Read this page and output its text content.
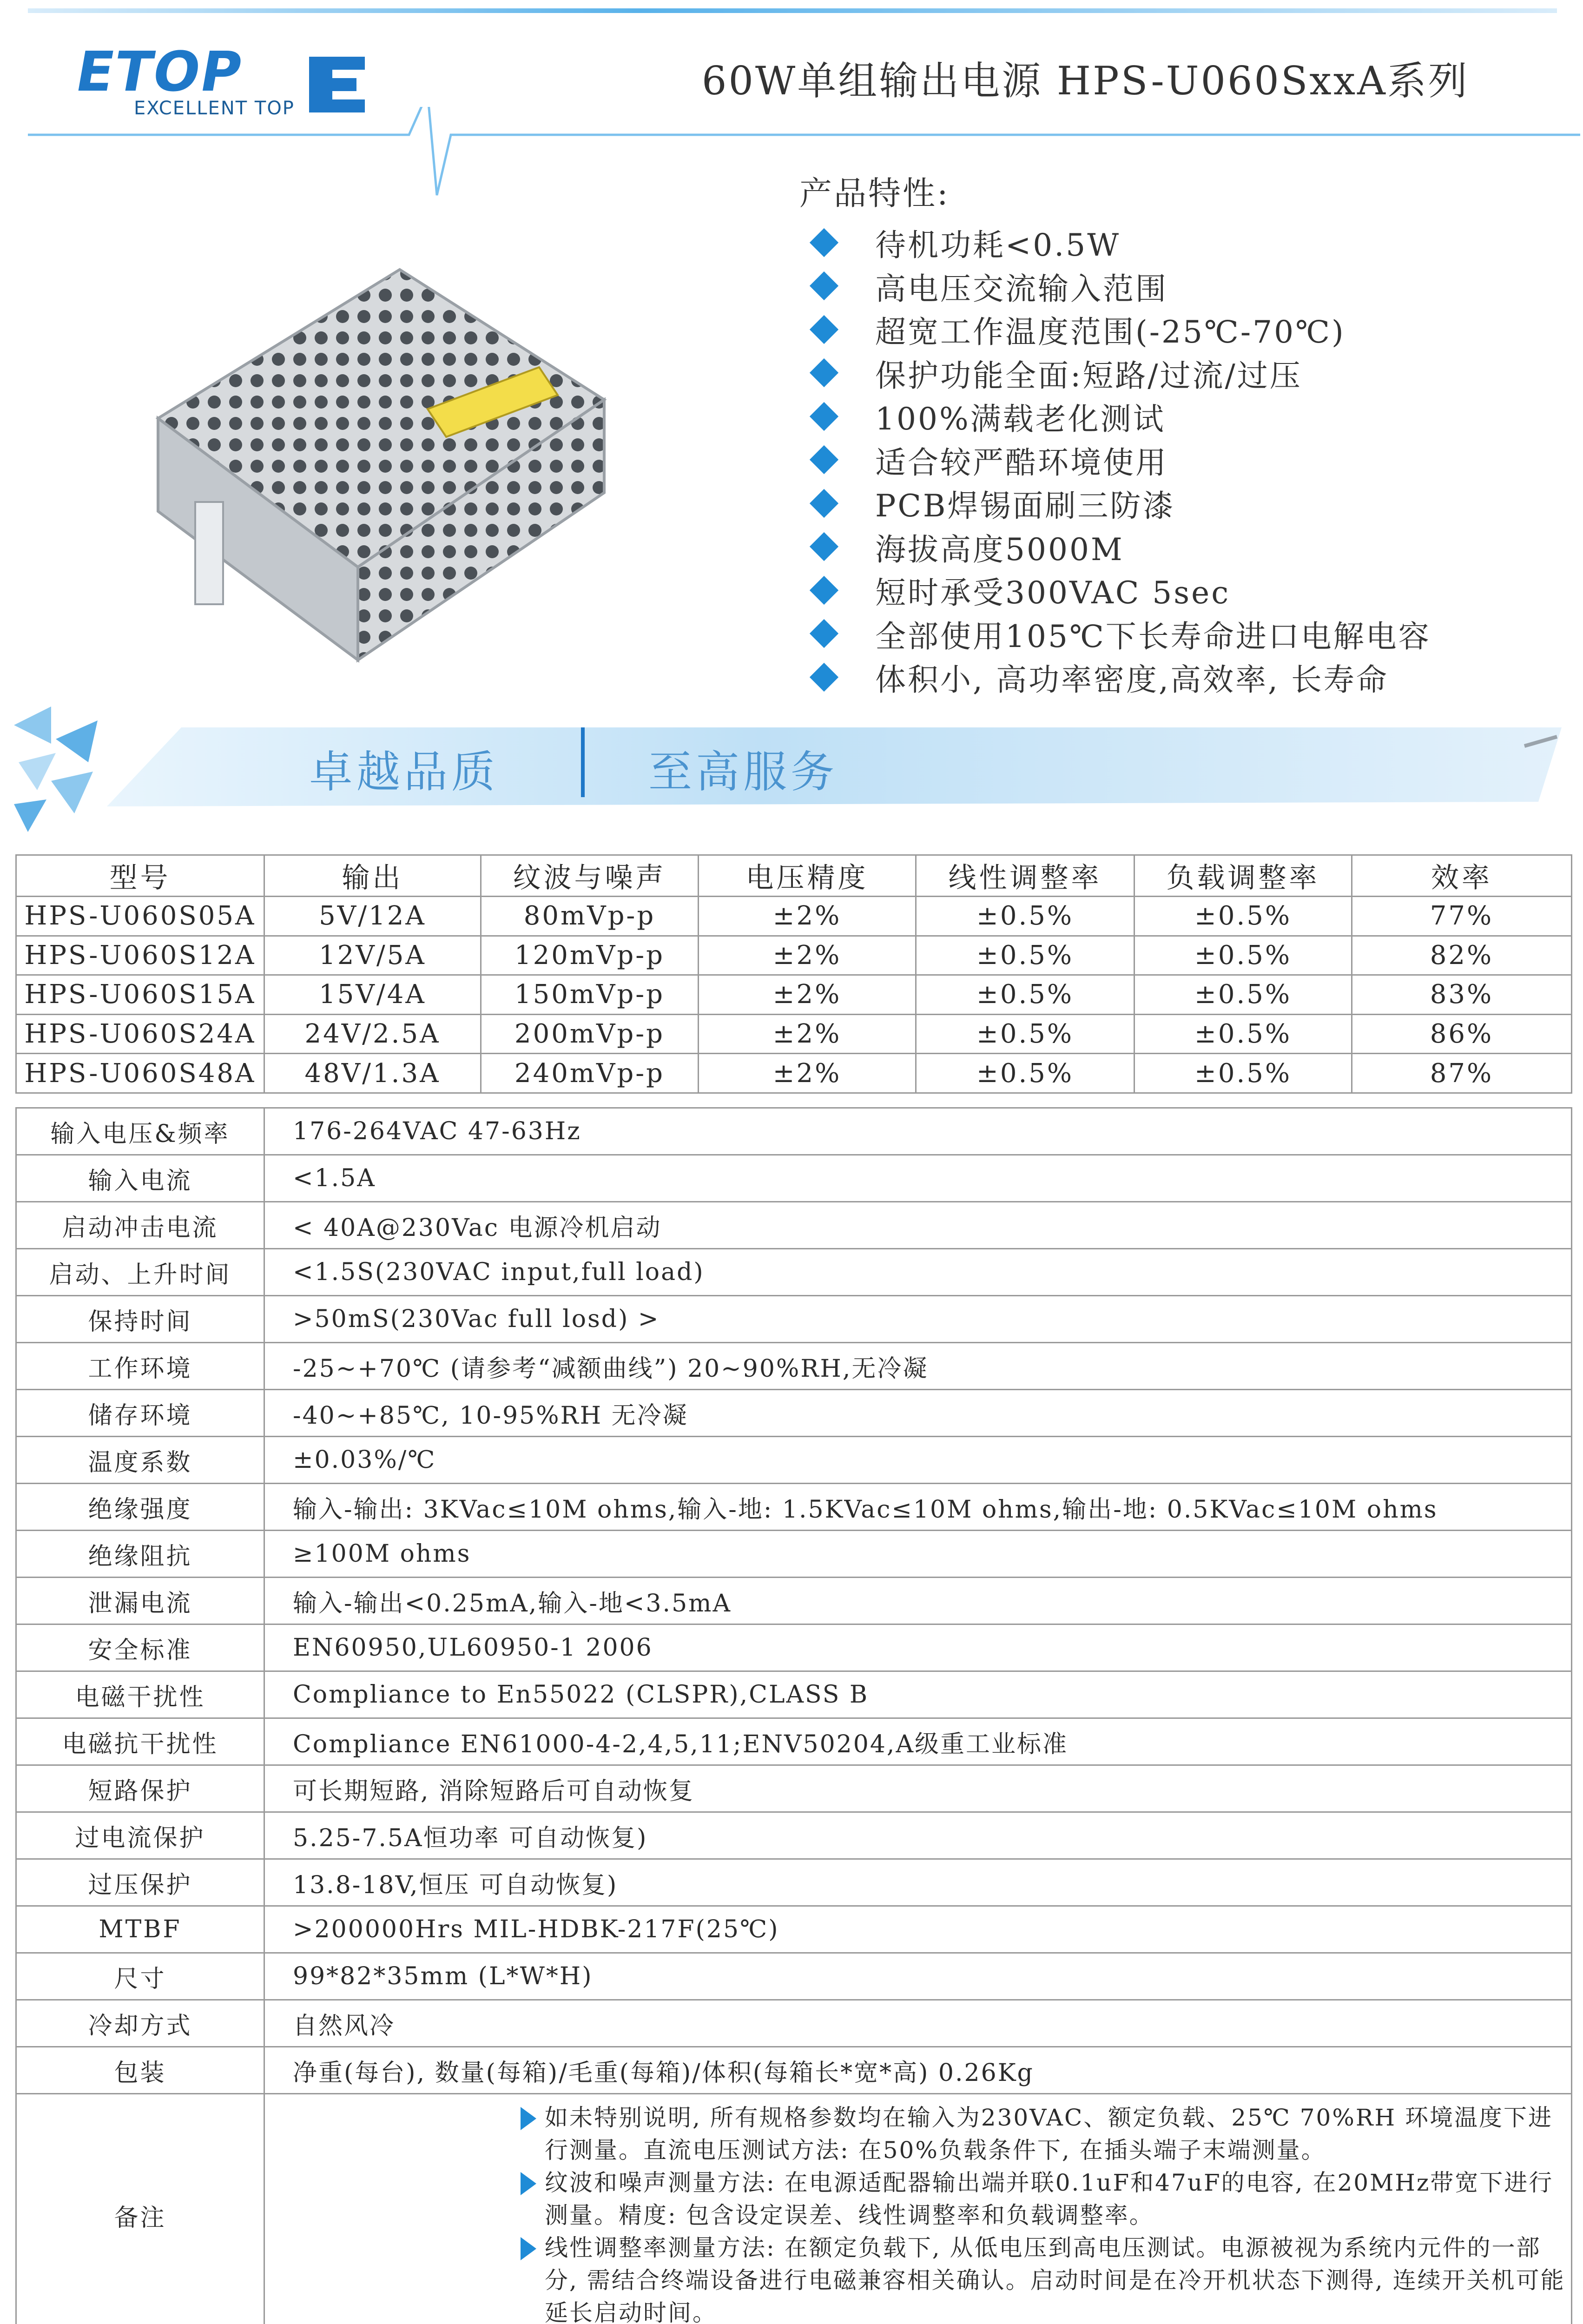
ETOP
EXCELLENT TOP
60W单组输出电源 HPS-U060SxxA系列
产品特性:
待机功耗<0.5W
高电压交流输入范围
超宽工作温度范围(-25℃-70℃)
保护功能全面:短路/过流/过压
100%满载老化测试
适合较严酷环境使用
PCB焊锡面刷三防漆
海拔高度5000M
短时承受300VAC 5sec
全部使用105℃下长寿命进口电解电容
体积小, 高功率密度,高效率, 长寿命
卓越品质	至高服务
型号	输出	纹波与噪声	电压精度	线性调整率	负载调整率	效率
HPS-U060S05A	5V/12A	80mVp-p	±2%	±0.5%	±0.5%	77%
HPS-U060S12A	12V/5A	120mVp-p	±2%	±0.5%	±0.5%	82%
HPS-U060S15A	15V/4A	150mVp-p	±2%	±0.5%	±0.5%	83%
HPS-U060S24A	24V/2.5A	200mVp-p	±2%	±0.5%	±0.5%	86%
HPS-U060S48A	48V/1.3A	240mVp-p	±2%	±0.5%	±0.5%	87%
输入电压&频率	176-264VAC 47-63Hz
输入电流	<1.5A
启动冲击电流	< 40A@230Vac 电源冷机启动
启动、上升时间	<1.5S(230VAC input,full load)
保持时间	>50mS(230Vac full losd) >
工作环境	-25~+70℃ (请参考“减额曲线”) 20~90%RH,无冷凝
储存环境	-40~+85℃, 10-95%RH 无冷凝
温度系数	±0.03%/℃
绝缘强度	输入-输出: 3KVac≤10M ohms,输入-地: 1.5KVac≤10M ohms,输出-地: 0.5KVac≤10M ohms
绝缘阻抗	≥100M ohms
泄漏电流	输入-输出<0.25mA,输入-地<3.5mA
安全标准	EN60950,UL60950-1 2006
电磁干扰性	Compliance to En55022 (CLSPR),CLASS B
电磁抗干扰性	Compliance EN61000-4-2,4,5,11;ENV50204,A级重工业标准
短路保护	可长期短路, 消除短路后可自动恢复
过电流保护	5.25-7.5A恒功率 可自动恢复)
过压保护	13.8-18V,恒压 可自动恢复)
MTBF	>200000Hrs MIL-HDBK-217F(25℃)
尺寸	99*82*35mm (L*W*H)
冷却方式	自然风冷
包装	净重(每台), 数量(每箱)/毛重(每箱)/体积(每箱长*宽*高) 0.26Kg
备注	如未特别说明, 所有规格参数均在输入为230VAC、额定负载、25℃ 70%RH 环境温度下进行测量。直流电压测试方法: 在50%负载条件下, 在插头端子末端测量。
纹波和噪声测量方法: 在电源适配器输出端并联0.1uF和47uF的电容, 在20MHz带宽下进行测量。精度: 包含设定误差、线性调整率和负载调整率。
线性调整率测量方法: 在额定负载下, 从低电压到高电压测试。电源被视为系统内元件的一部分, 需结合终端设备进行电磁兼容相关确认。启动时间是在冷开机状态下测得, 连续开关机可能延长启动时间。
